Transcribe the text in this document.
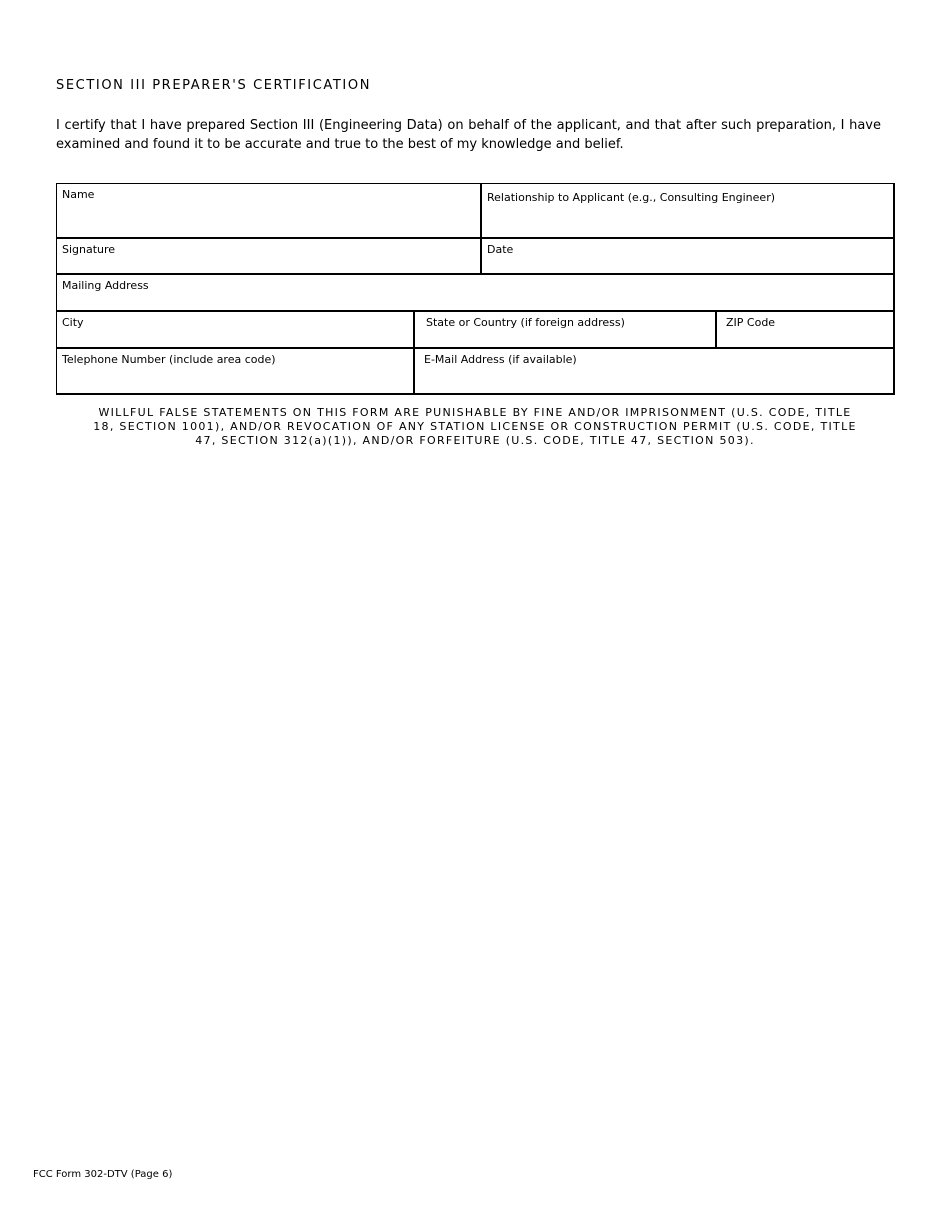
SECTION III PREPARER'S CERTIFICATION

I certify that I have prepared Section III (Engineering Data) on behalf of the applicant, and that after such preparation, I have examined and found it to be accurate and true to the best of my knowledge and belief.

Name	Relationship to Applicant (e.g., Consulting Engineer)
Signature	Date
Mailing Address
City	State or Country (if foreign address)	ZIP Code
Telephone Number (include area code)	E-Mail Address (if available)

WILLFUL FALSE STATEMENTS ON THIS FORM ARE PUNISHABLE BY FINE AND/OR IMPRISONMENT (U.S. CODE, TITLE 18, SECTION 1001), AND/OR REVOCATION OF ANY STATION LICENSE OR CONSTRUCTION PERMIT (U.S. CODE, TITLE 47, SECTION 312(a)(1)), AND/OR FORFEITURE (U.S. CODE, TITLE 47, SECTION 503).

FCC Form 302-DTV (Page 6)
